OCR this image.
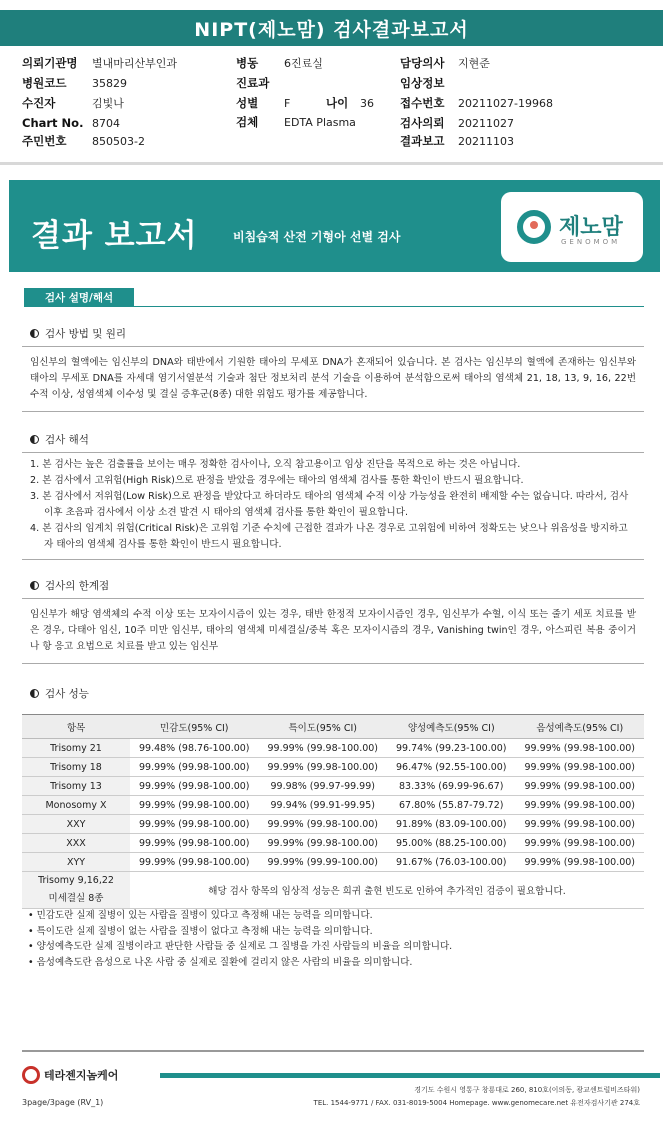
NIPT(제노맘) 검사결과보고서
의뢰기관명	별내마리산부인과
병원코드	35829
수진자	김빛나
Chart No. 8704
주민번호	850503-2
병동	6진료실
진료과
성별	F	나이	36
검체	EDTA Plasma
담당의사	지현준
임상정보
접수번호	20211027-19968
검사의뢰	20211027
결과보고	20211103
결과 보고서	비침습적 산전 기형아 선별 검사	제노맘
GENOMOM
검사 설명/해석
검사 방법 및 원리

임신부의 혈액에는 임신부의 DNA와 태반에서 기원한 태아의 무세포 DNA가 혼재되어 있습니다. 본 검사는 임신부의 혈액에 존재하는 임신부와 태아의 무세포 DNA를 자세대 염기서열분석 기술과 첨단 정보처리 분석 기술을 이용하여 분석함으로써 태아의 염색체 21, 18, 13, 9, 16, 22번 수적 이상, 성염색체 이수성 및 결실 증후군(8종) 대한 위험도 평가를 제공합니다.

검사 해석
1. 본 검사는 높은 검출률을 보이는 매우 정확한 검사이나, 오직 참고용이고 임상 진단을 목적으로 하는 것은 아닙니다.
2. 본 검사에서 고위험(High Risk)으로 판정을 받았을 경우에는 태아의 염색체 검사를 통한 확인이 반드시 필요합니다.
3. 본 검사에서 저위험(Low Risk)으로 판정을 받았다고 하더라도 태아의 염색체 수적 이상 가능성을 완전히 배제할 수는 없습니다. 따라서, 검사 이후 초음파 검사에서 이상 소견 발견 시 태아의 염색체 검사를 통한 확인이 필요합니다.
4. 본 검사의 임계치 위험(Critical Risk)은 고위험 기준 수치에 근접한 결과가 나온 경우로 고위험에 비하여 정확도는 낮으나 위음성을 방지하고자 태아의 염색체 검사를 통한 확인이 반드시 필요합니다.
검사의 한계점

임신부가 해당 염색체의 수적 이상 또는 모자이시즘이 있는 경우, 태반 한정적 모자이시즘인 경우, 임신부가 수혈, 이식 또는 줄기 세포 치료를 받은 경우, 다태아 임신, 10주 미만 임신부, 태아의 염색체 미세결실/중복 혹은 모자이시즘의 경우, Vanishing twin인 경우, 아스피린 복용 중이거나 항 응고 요법으로 치료를 받고 있는 임신부

검사 성능
항목	민감도(95% CI)	특이도(95% CI)	양성예측도(95% CI)	음성예측도(95% CI)
Trisomy 21	99.48% (98.76-100.00)	99.99% (99.98-100.00)	99.74% (99.23-100.00)	99.99% (99.98-100.00)
Trisomy 18	99.99% (99.98-100.00)	99.99% (99.98-100.00)	96.47% (92.55-100.00)	99.99% (99.98-100.00)
Trisomy 13	99.99% (99.98-100.00)	99.98% (99.97-99.99)	83.33% (69.99-96.67)	99.99% (99.98-100.00)
Monosomy X	99.99% (99.98-100.00)	99.94% (99.91-99.95)	67.80% (55.87-79.72)	99.99% (99.98-100.00)
XXY	99.99% (99.98-100.00)	99.99% (99.98-100.00)	91.89% (83.09-100.00)	99.99% (99.98-100.00)
XXX	99.99% (99.98-100.00)	99.99% (99.98-100.00)	95.00% (88.25-100.00)	99.99% (99.98-100.00)
XYY	99.99% (99.98-100.00)	99.99% (99.99-100.00)	91.67% (76.03-100.00)	99.99% (99.98-100.00)

Trisomy 9,16,22
미세결실 8종	해당 검사 항목의 임상적 성능은 희귀 출현 빈도로 인하여 추가적인 검증이 필요합니다.			
• 민감도란 실제 질병이 있는 사람을 질병이 있다고 측정해 내는 능력을 의미합니다.
• 특이도란 실제 질병이 없는 사람을 질병이 없다고 측정해 내는 능력을 의미합니다.
• 양성예측도란 실제 질병이라고 판단한 사람들 중 실제로 그 질병을 가진 사람들의 비율을 의미합니다.
• 음성예측도란 음성으로 나온 사람 중 실제로 질환에 걸리지 않은 사람의 비율을 의미합니다.
테라젠지놈케어
경기도 수원시 영통구 창룡대로 260, 810호(이의동, 광교센트럴비즈타워)
3page/3page (RV_1)	TEL. 1544-9771 / FAX. 031-8019-5004 Homepage. www.genomecare.net 유전자검사기관 274호
